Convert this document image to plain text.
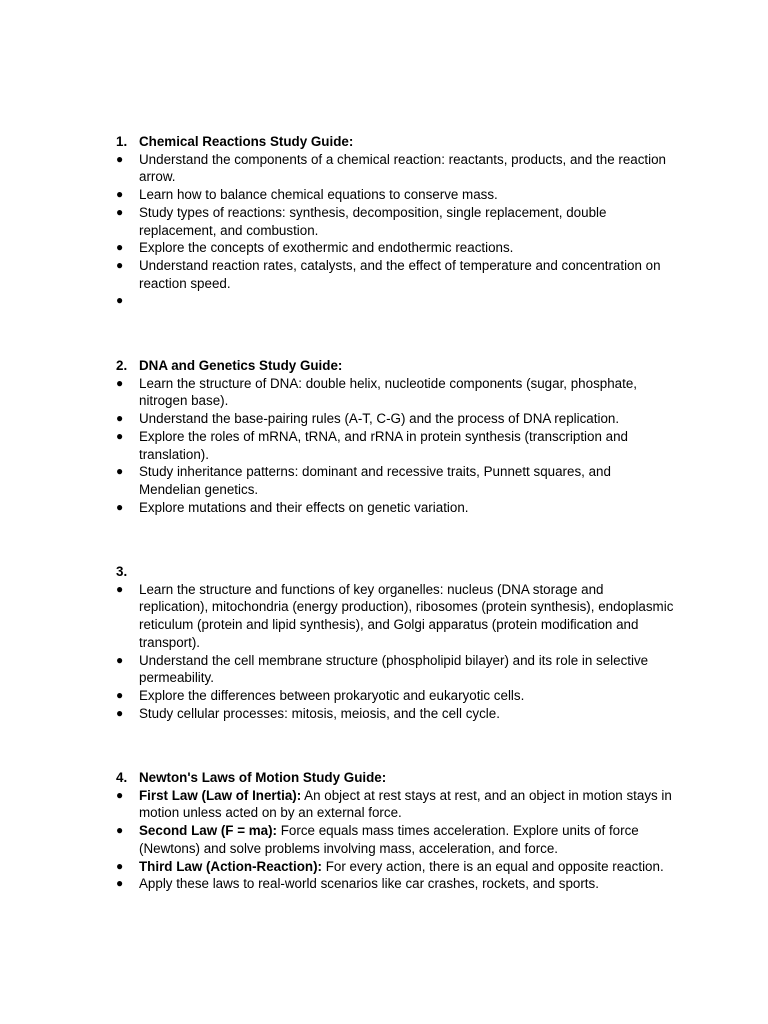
1. Chemical Reactions Study Guide:
●	Understand the components of a chemical reaction: reactants, products, and the reaction arrow.
●	Learn how to balance chemical equations to conserve mass.
●	Study types of reactions: synthesis, decomposition, single replacement, double replacement, and combustion.
●	Explore the concepts of exothermic and endothermic reactions.
●	Understand reaction rates, catalysts, and the effect of temperature and concentration on reaction speed.
●
2. DNA and Genetics Study Guide:
●	Learn the structure of DNA: double helix, nucleotide components (sugar, phosphate, nitrogen base).
●	Understand the base-pairing rules (A-T, C-G) and the process of DNA replication.
●	Explore the roles of mRNA, tRNA, and rRNA in protein synthesis (transcription and translation).
●	Study inheritance patterns: dominant and recessive traits, Punnett squares, and Mendelian genetics.
●	Explore mutations and their effects on genetic variation.
3.
●	Learn the structure and functions of key organelles: nucleus (DNA storage and replication), mitochondria (energy production), ribosomes (protein synthesis), endoplasmic reticulum (protein and lipid synthesis), and Golgi apparatus (protein modification and transport).
●	Understand the cell membrane structure (phospholipid bilayer) and its role in selective permeability.
●	Explore the differences between prokaryotic and eukaryotic cells.
●	Study cellular processes: mitosis, meiosis, and the cell cycle.
4. Newton's Laws of Motion Study Guide:
●	First Law (Law of Inertia): An object at rest stays at rest, and an object in motion stays in motion unless acted on by an external force.
●	Second Law (F = ma): Force equals mass times acceleration. Explore units of force (Newtons) and solve problems involving mass, acceleration, and force.
●	Third Law (Action-Reaction): For every action, there is an equal and opposite reaction.
●	Apply these laws to real-world scenarios like car crashes, rockets, and sports.
